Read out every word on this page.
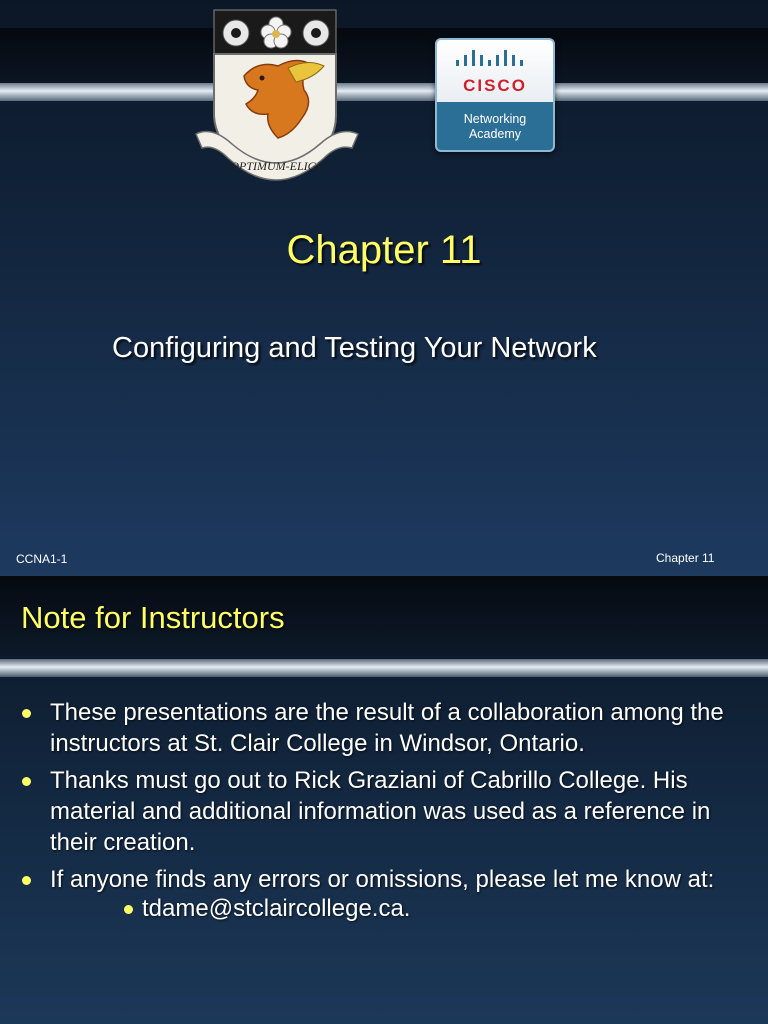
OPTIMUM-ELIGE
CISCO
Networking
Academy
Chapter 11
Configuring and Testing Your Network
CCNA1-1	Chapter 11
Note for Instructors
These presentations are the result of a collaboration among the instructors at St. Clair College in Windsor, Ontario.
Thanks must go out to Rick Graziani of Cabrillo College. His material and additional information was used as a reference in their creation.
If anyone finds any errors or omissions, please let me know at:
tdame@stclaircollege.ca.
